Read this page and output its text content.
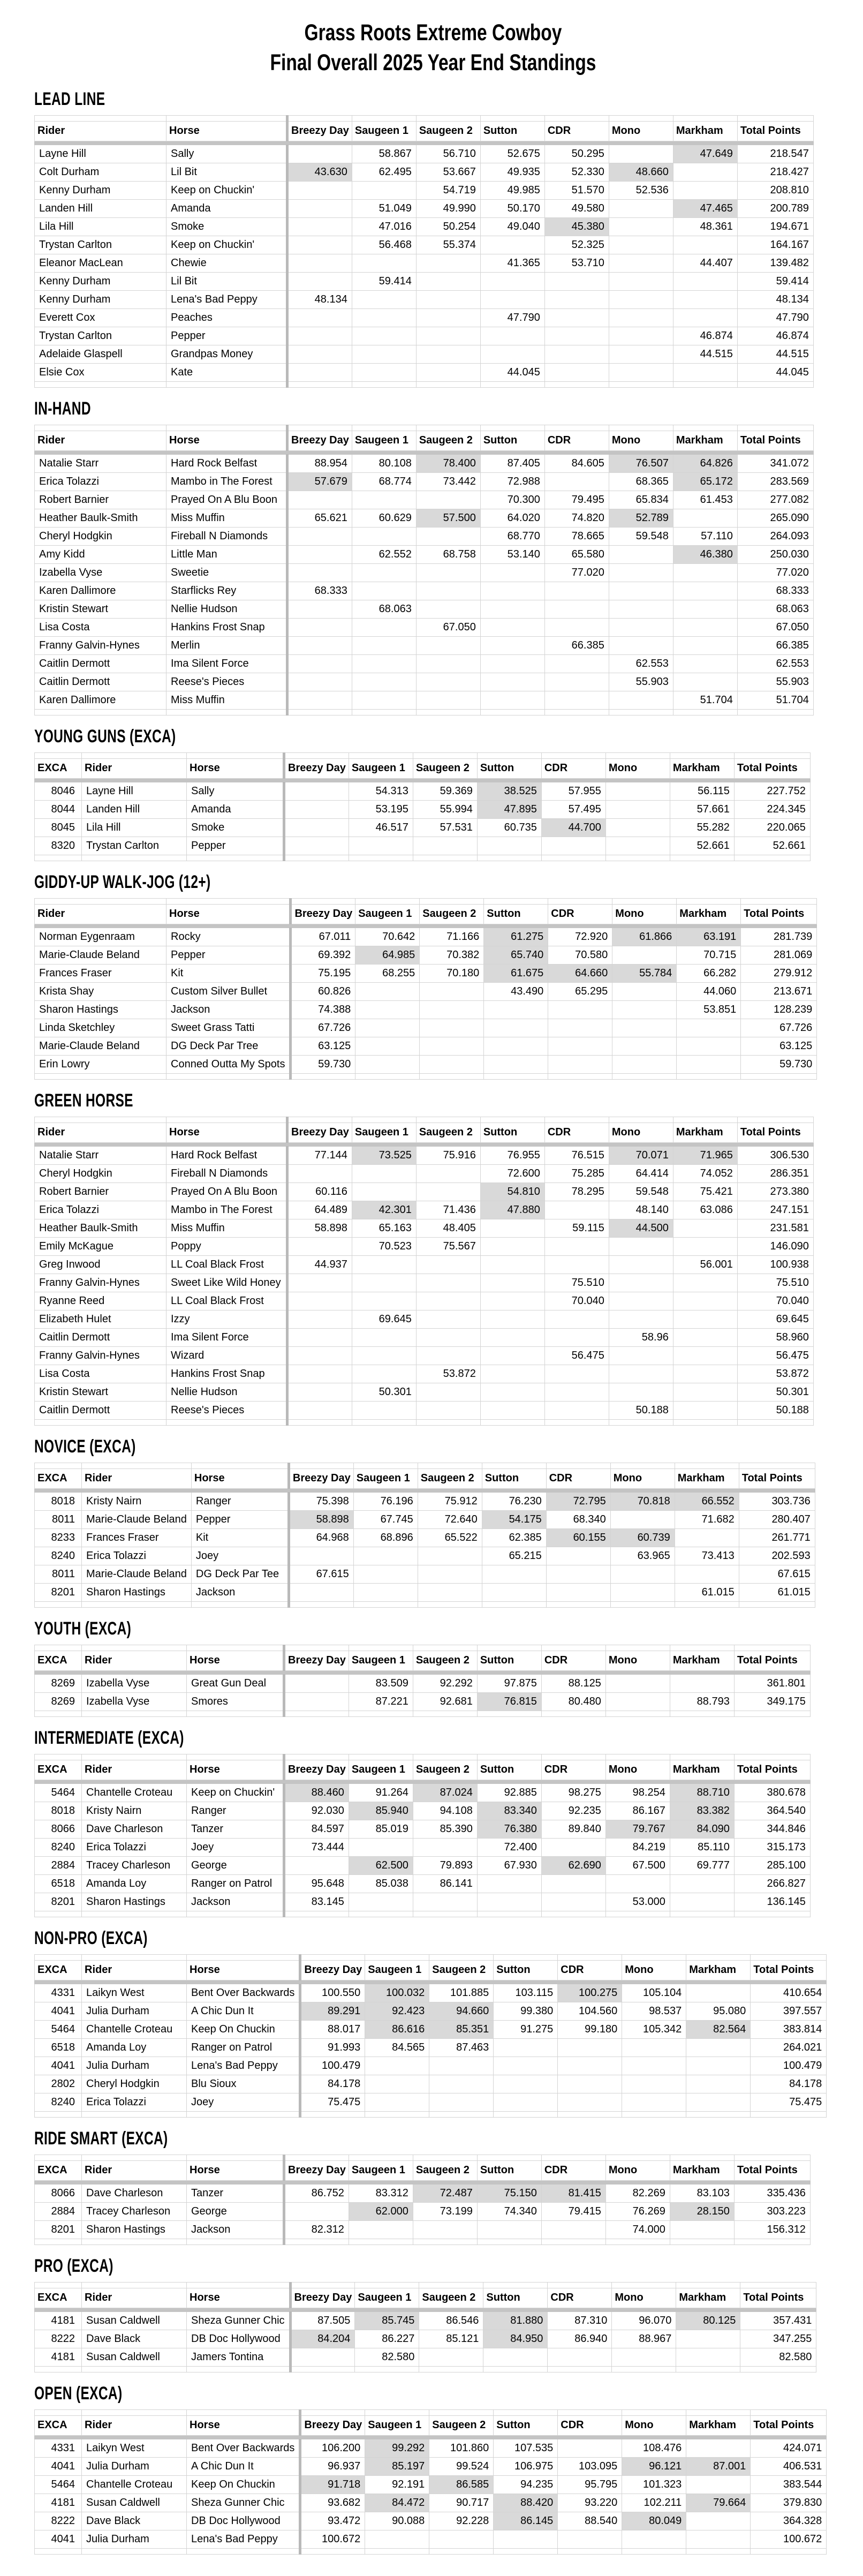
Grass Roots Extreme Cowboy
Final Overall 2025 Year End Standings
LEAD LINE

Rider	Horse	Breezy Day	Saugeen 1	Saugeen 2	Sutton	CDR	Mono	Markham	Total Points

Layne Hill	Sally		58.867	56.710	52.675	50.295		47.649	218.547
Colt Durham	Lil Bit	43.630	62.495	53.667	49.935	52.330	48.660		218.427
Kenny Durham	Keep on Chuckin'			54.719	49.985	51.570	52.536		208.810
Landen Hill	Amanda		51.049	49.990	50.170	49.580		47.465	200.789
Lila Hill	Smoke		47.016	50.254	49.040	45.380		48.361	194.671
Trystan Carlton	Keep on Chuckin'		56.468	55.374		52.325			164.167
Eleanor MacLean	Chewie				41.365	53.710		44.407	139.482
Kenny Durham	Lil Bit		59.414						59.414
Kenny Durham	Lena's Bad Peppy	48.134							48.134
Everett Cox	Peaches				47.790				47.790
Trystan Carlton	Pepper							46.874	46.874
Adelaide Glaspell	Grandpas Money							44.515	44.515
Elsie Cox	Kate				44.045				44.045

IN-HAND

Rider	Horse	Breezy Day	Saugeen 1	Saugeen 2	Sutton	CDR	Mono	Markham	Total Points

Natalie Starr	Hard Rock Belfast	88.954	80.108	78.400	87.405	84.605	76.507	64.826	341.072
Erica Tolazzi	Mambo in The Forest	57.679	68.774	73.442	72.988		68.365	65.172	283.569
Robert Barnier	Prayed On A Blu Boon				70.300	79.495	65.834	61.453	277.082
Heather Baulk-Smith	Miss Muffin	65.621	60.629	57.500	64.020	74.820	52.789		265.090
Cheryl Hodgkin	Fireball N Diamonds				68.770	78.665	59.548	57.110	264.093
Amy Kidd	Little Man		62.552	68.758	53.140	65.580		46.380	250.030
Izabella Vyse	Sweetie					77.020			77.020
Karen Dallimore	Starflicks Rey	68.333							68.333
Kristin Stewart	Nellie Hudson		68.063						68.063
Lisa Costa	Hankins Frost Snap			67.050					67.050
Franny Galvin-Hynes	Merlin					66.385			66.385
Caitlin Dermott	Ima Silent Force						62.553		62.553
Caitlin Dermott	Reese's Pieces						55.903		55.903
Karen Dallimore	Miss Muffin							51.704	51.704

YOUNG GUNS (EXCA)

EXCA	Rider	Horse	Breezy Day	Saugeen 1	Saugeen 2	Sutton	CDR	Mono	Markham	Total Points

8046	Layne Hill	Sally		54.313	59.369	38.525	57.955		56.115	227.752
8044	Landen Hill	Amanda		53.195	55.994	47.895	57.495		57.661	224.345
8045	Lila Hill	Smoke		46.517	57.531	60.735	44.700		55.282	220.065
8320	Trystan Carlton	Pepper							52.661	52.661

GIDDY-UP WALK-JOG (12+)

Rider	Horse	Breezy Day	Saugeen 1	Saugeen 2	Sutton	CDR	Mono	Markham	Total Points

Norman Eygenraam	Rocky	67.011	70.642	71.166	61.275	72.920	61.866	63.191	281.739
Marie-Claude Beland	Pepper	69.392	64.985	70.382	65.740	70.580		70.715	281.069
Frances Fraser	Kit	75.195	68.255	70.180	61.675	64.660	55.784	66.282	279.912
Krista Shay	Custom Silver Bullet	60.826			43.490	65.295		44.060	213.671
Sharon Hastings	Jackson	74.388						53.851	128.239
Linda Sketchley	Sweet Grass Tatti	67.726							67.726
Marie-Claude Beland	DG Deck Par Tree	63.125							63.125
Erin Lowry	Conned Outta My Spots	59.730							59.730

GREEN HORSE

Rider	Horse	Breezy Day	Saugeen 1	Saugeen 2	Sutton	CDR	Mono	Markham	Total Points

Natalie Starr	Hard Rock Belfast	77.144	73.525	75.916	76.955	76.515	70.071	71.965	306.530
Cheryl Hodgkin	Fireball N Diamonds				72.600	75.285	64.414	74.052	286.351
Robert Barnier	Prayed On A Blu Boon	60.116			54.810	78.295	59.548	75.421	273.380
Erica Tolazzi	Mambo in The Forest	64.489	42.301	71.436	47.880		48.140	63.086	247.151
Heather Baulk-Smith	Miss Muffin	58.898	65.163	48.405		59.115	44.500		231.581
Emily McKague	Poppy		70.523	75.567					146.090
Greg Inwood	LL Coal Black Frost	44.937						56.001	100.938
Franny Galvin-Hynes	Sweet Like Wild Honey					75.510			75.510
Ryanne Reed	LL Coal Black Frost					70.040			70.040
Elizabeth Hulet	Izzy		69.645						69.645
Caitlin Dermott	Ima Silent Force						58.96		58.960
Franny Galvin-Hynes	Wizard					56.475			56.475
Lisa Costa	Hankins Frost Snap			53.872					53.872
Kristin Stewart	Nellie Hudson		50.301						50.301
Caitlin Dermott	Reese's Pieces						50.188		50.188

NOVICE (EXCA)

EXCA	Rider	Horse	Breezy Day	Saugeen 1	Saugeen 2	Sutton	CDR	Mono	Markham	Total Points

8018	Kristy Nairn	Ranger	75.398	76.196	75.912	76.230	72.795	70.818	66.552	303.736
8011	Marie-Claude Beland	Pepper	58.898	67.745	72.640	54.175	68.340		71.682	280.407
8233	Frances Fraser	Kit	64.968	68.896	65.522	62.385	60.155	60.739		261.771
8240	Erica Tolazzi	Joey				65.215		63.965	73.413	202.593
8011	Marie-Claude Beland	DG Deck Par Tee	67.615							67.615
8201	Sharon Hastings	Jackson							61.015	61.015

YOUTH (EXCA)

EXCA	Rider	Horse	Breezy Day	Saugeen 1	Saugeen 2	Sutton	CDR	Mono	Markham	Total Points

8269	Izabella Vyse	Great Gun Deal		83.509	92.292	97.875	88.125			361.801
8269	Izabella Vyse	Smores		87.221	92.681	76.815	80.480		88.793	349.175

INTERMEDIATE (EXCA)

EXCA	Rider	Horse	Breezy Day	Saugeen 1	Saugeen 2	Sutton	CDR	Mono	Markham	Total Points

5464	Chantelle Croteau	Keep on Chuckin'	88.460	91.264	87.024	92.885	98.275	98.254	88.710	380.678
8018	Kristy Nairn	Ranger	92.030	85.940	94.108	83.340	92.235	86.167	83.382	364.540
8066	Dave Charleson	Tanzer	84.597	85.019	85.390	76.380	89.840	79.767	84.090	344.846
8240	Erica Tolazzi	Joey	73.444			72.400		84.219	85.110	315.173
2884	Tracey Charleson	George		62.500	79.893	67.930	62.690	67.500	69.777	285.100
6518	Amanda Loy	Ranger on Patrol	95.648	85.038	86.141					266.827
8201	Sharon Hastings	Jackson	83.145					53.000		136.145

NON-PRO (EXCA)

EXCA	Rider	Horse	Breezy Day	Saugeen 1	Saugeen 2	Sutton	CDR	Mono	Markham	Total Points

4331	Laikyn West	Bent Over Backwards	100.550	100.032	101.885	103.115	100.275	105.104		410.654
4041	Julia Durham	A Chic Dun It	89.291	92.423	94.660	99.380	104.560	98.537	95.080	397.557
5464	Chantelle Croteau	Keep On Chuckin	88.017	86.616	85.351	91.275	99.180	105.342	82.564	383.814
6518	Amanda Loy	Ranger on Patrol	91.993	84.565	87.463					264.021
4041	Julia Durham	Lena's Bad Peppy	100.479							100.479
2802	Cheryl Hodgkin	Blu Sioux	84.178							84.178
8240	Erica Tolazzi	Joey	75.475							75.475

RIDE SMART (EXCA)

EXCA	Rider	Horse	Breezy Day	Saugeen 1	Saugeen 2	Sutton	CDR	Mono	Markham	Total Points

8066	Dave Charleson	Tanzer	86.752	83.312	72.487	75.150	81.415	82.269	83.103	335.436
2884	Tracey Charleson	George		62.000	73.199	74.340	79.415	76.269	28.150	303.223
8201	Sharon Hastings	Jackson	82.312					74.000		156.312

PRO (EXCA)

EXCA	Rider	Horse	Breezy Day	Saugeen 1	Saugeen 2	Sutton	CDR	Mono	Markham	Total Points

4181	Susan Caldwell	Sheza Gunner Chic	87.505	85.745	86.546	81.880	87.310	96.070	80.125	357.431
8222	Dave Black	DB Doc Hollywood	84.204	86.227	85.121	84.950	86.940	88.967		347.255
4181	Susan Caldwell	Jamers Tontina		82.580						82.580

OPEN (EXCA)

EXCA	Rider	Horse	Breezy Day	Saugeen 1	Saugeen 2	Sutton	CDR	Mono	Markham	Total Points

4331	Laikyn West	Bent Over Backwards	106.200	99.292	101.860	107.535		108.476		424.071
4041	Julia Durham	A Chic Dun It	96.937	85.197	99.524	106.975	103.095	96.121	87.001	406.531
5464	Chantelle Croteau	Keep On Chuckin	91.718	92.191	86.585	94.235	95.795	101.323		383.544
4181	Susan Caldwell	Sheza Gunner Chic	93.682	84.472	90.717	88.420	93.220	102.211	79.664	379.830
8222	Dave Black	DB Doc Hollywood	93.472	90.088	92.228	86.145	88.540	80.049		364.328
4041	Julia Durham	Lena's Bad Peppy	100.672							100.672
